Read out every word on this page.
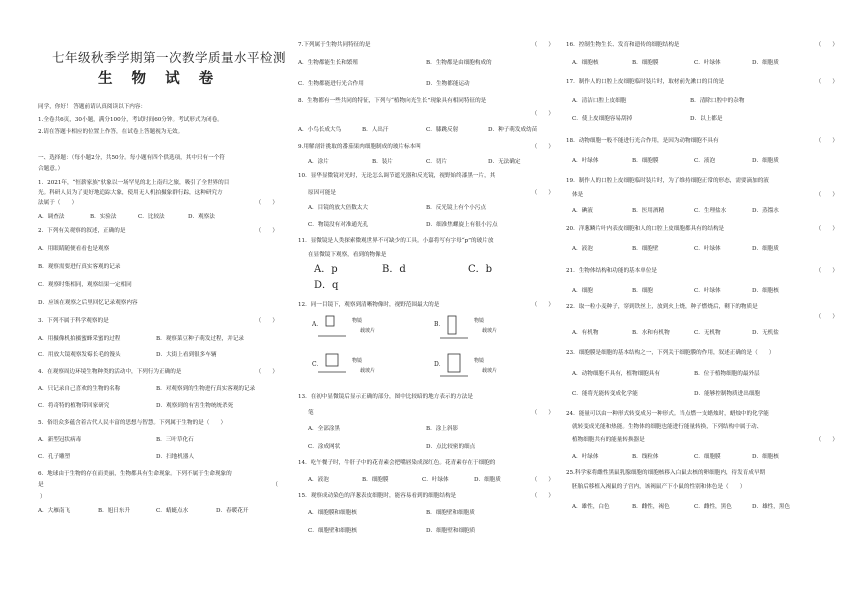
七年级秋季学期第一次教学质量水平检测
生 物 试 卷
同学，你好！ 答题前请认真阅读以下内容：
1.全卷共6页，30小题，满分100分，考试时间60分钟。考试形式为闭卷。
2.请在答题卡相应的位置上作答，在试卷上答题视为无效。
一、选择题：（每小题2分，共50分。每小题有四个供选项，其中只有一个符
合题意。）
1．2021年，“恒薪家族”驮象以一场罕见的北上南归之旅，吸引了全世界的目
光。科研人员为了更好地追踪大象，使用无人机拍摄象群行踪，这种研究方
法属于（　　）
A．调查法	B．实验法	C．比较法	D．观察法
2．下列有关观察的叙述，正确的是
A．用眼睛随便看看也是观察
B．观察需要进行真实客观的记录
C．观察时集相同，观察结果一定相同
D．应该在观察之后里回忆记录观察内容
3．下列不属于科学观察的是
A．用摄像机拍摄蜜蜂采蜜的过程	B．观察菜豆种子萌发过程，并记录
C．用放大镜观察发霉长毛的馒头	D．大街上看到很多车辆
4．在观察周边环境生物种类的活动中，下列行为正确的是
A．只记录自己喜欢的生物的名称	B．对观察到的生物进行真实客观的记录
C．将奇特的植物带回家研究	D．观察到的有害生物统统杀死
5．俗语众多蕴含着古代人民丰富的思想与智慧。下列属于生物的是（　　）
A．新型冠状病毒	B．三叶草化石
C．孔子雕塑	D．扫地机器人
6．地球由于生物的存在而美丽，生物都具有生命现象。下列不属于生命现象的
是
）
A．大雁南飞	B．旭日东升	C．蜻蜓点水	D．春暖花开
（　　）
（　　）
（　　）
（　　）
（
7.下列属于生物共同特征的是
A．生物都能生长和繁殖	B．生物都是由细胞构成的
C．生物都能进行光合作用	D．生物都能运动
8．生物都有一些共同的特征，下列与“植物向光生长”现象具有相同特征的是
A．小鸟长成大鸟	B．人出汗	C．膝跳反射	D．种子萌发成幼苗
9.用解剖针挑取的番茄果肉细胞制成的玻片标本叫
A．涂片	B．装片	C．切片	D．无法确定
10．显华显微镜对光时，无论怎么调节遮光器和反光镜，视野始终漆黑一片，其
原因可能是
A．目镜的放大倍数太大	B．反光镜上有个小污点
C．物镜没有对准通光孔	D．细准焦螺旋上有很小污点
11．显微镜是人类探索微观世界不可缺少的工具。小嘉将写有字母“p”的玻片放
在显微镜下观察，看到的物像是
（　　）
（　　）
（　　）
（　　）
（　　）
（　　）
（　　）
（　　）
A．p	B．d	C．b
D．q
A．	B．
C．	D．
物镜
载玻片
物镜
载玻片
物镜
载玻片
物镜
载玻片
12．同一目镜下，观察到清晰物像时，视野范围最大的是
13．在初中显微镜后显示正确的部分，图中比较暗的地方表示的方法是
笔
A．全部涂黑	B．涂上斜影
C．涂成网状	D．点比较密的细点
14．吃午餐子时，牛肝子中的花青素会把嘴唇染成深红色。花青素存在于细胞的
A．液泡	B．细胞膜	C．叶绿体	D．细胞质
15．观察成动染色的洋葱表皮细胞时，能容易看到的细胞结构是
A．细胞膜和细胞核	B．细胞壁和细胞质
C．细胞壁和细胞核	D．细胞壁和细胞质
16．控制生物生长、发育和遗传的细胞结构是
A．细胞核	B．细胞膜	C．叶绿体	D．细胞质
17．制作人的口腔上皮细胞临时装片时，取材前先漱口的目的是
A．清洁口腔上皮细胞	B．清除口腔中的杂物
C．使上皮细胞容易刮掉	D．以上都是
18．动物细胞一般不能进行光合作用，是因为动物细胞不具有
A．叶绿体	B．细胞膜	C．液泡	D．细胞质
19．制作人的口腔上皮细胞临时装片时，为了维持细胞正常的形态，需要滴加的液
体是
A．碘液	B．医用酒精	C．生理盐水	D．蒸馏水
20．洋葱鳞片叶内表皮细胞和人的口腔上皮细胞都具有的结构是
A．液泡	B．细胞壁	C．叶绿体	D．细胞质
21．生物体结构和功能的基本单位是
A．细胞	B．细胞	C．叶绿体	D．细胞核
22．取一粒小麦种子，穿到铁丝上，放到火上烧，种子燃烧后，剩下的物质是
A．有机物	B．水和有机物	C．无机物	D．无机盐
23．细胞膜是细胞的基本结构之一，下列关于细胞膜的作用，叙述正确的是（　　）
A．动物细胞不具有，植物细胞具有	B．位于植物细胞的最外层
C．能将光能转变成化学能	D．能够控制物质进出细胞
24．能量可以由一种形式转变成另一种形式。当点燃一支蜡烛时，蜡烛中的化学能
就转变成光能和热能。生物体的细胞也能进行能量转换，下列结构中属于动、
植物细胞共有的能量转换器是
A．叶绿体	B．线粒体	C．细胞膜	D．细胞核
25.科学家将雌性黑鼠乳腺细胞的细胞核移入白鼠去核的卵细胞内，待发育成早期
胚胎后移植入褐鼠的子宫内，该褐鼠产下小鼠的性别和体色是（　　）
A．雄性，白色	B．雌性，褐色	C．雌性，黑色	D．雄性，黑色
（　　）
（　　）
（　　）
（　　）
（　　）
（　　）
（　　）
（　　）
